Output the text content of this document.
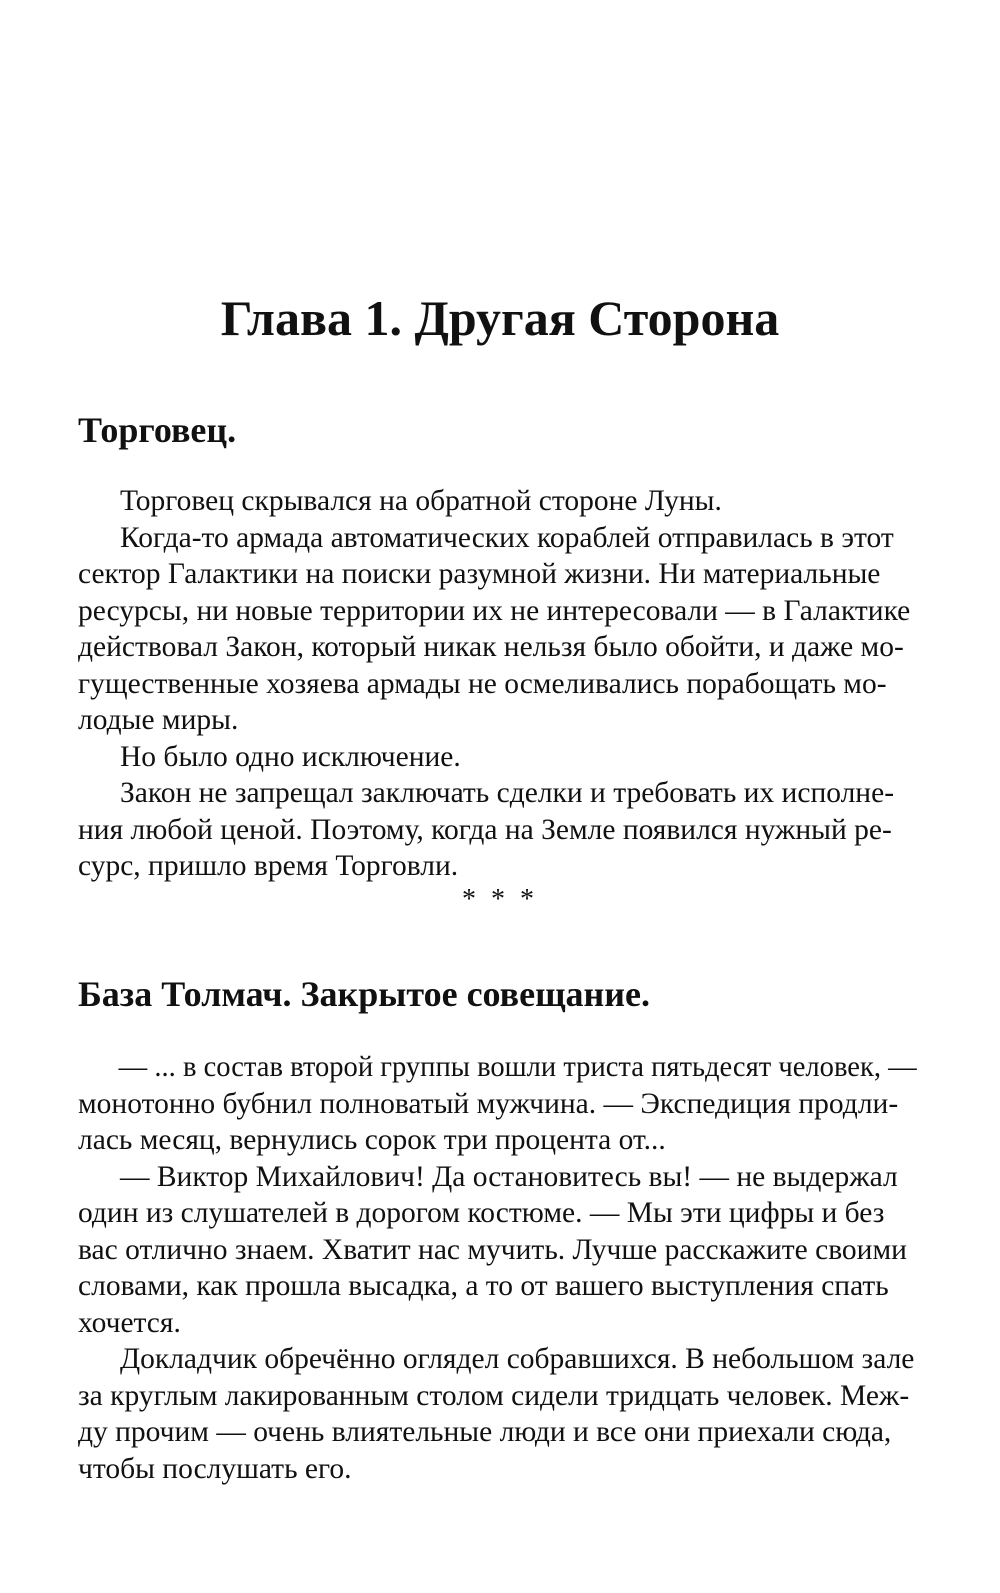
Глава 1. Другая Сторона
Торговец.
Торговец скрывался на обратной стороне Луны.
Когда-то армада автоматических кораблей отправилась в этот
сектор Галактики на поиски разумной жизни. Ни материальные
ресурсы, ни новые территории их не интересовали — в Галактике
действовал Закон, который никак нельзя было обойти, и даже мо-
гущественные хозяева армады не осмеливались порабощать мо-
лодые миры.
Но было одно исключение.
Закон не запрещал заключать сделки и требовать их исполне-
ния любой ценой. Поэтому, когда на Земле появился нужный ре-
сурс, пришло время Торговли.
* * *
База Толмач. Закрытое совещание.
— ... в состав второй группы вошли триста пятьдесят человек, —
монотонно бубнил полноватый мужчина. — Экспедиция продли-
лась месяц, вернулись сорок три процента от...
— Виктор Михайлович! Да остановитесь вы! — не выдержал
один из слушателей в дорогом костюме. — Мы эти цифры и без
вас отлично знаем. Хватит нас мучить. Лучше расскажите своими
словами, как прошла высадка, а то от вашего выступления спать
хочется.
Докладчик обречённо оглядел собравшихся. В небольшом зале
за круглым лакированным столом сидели тридцать человек. Меж-
ду прочим — очень влиятельные люди и все они приехали сюда,
чтобы послушать его.
